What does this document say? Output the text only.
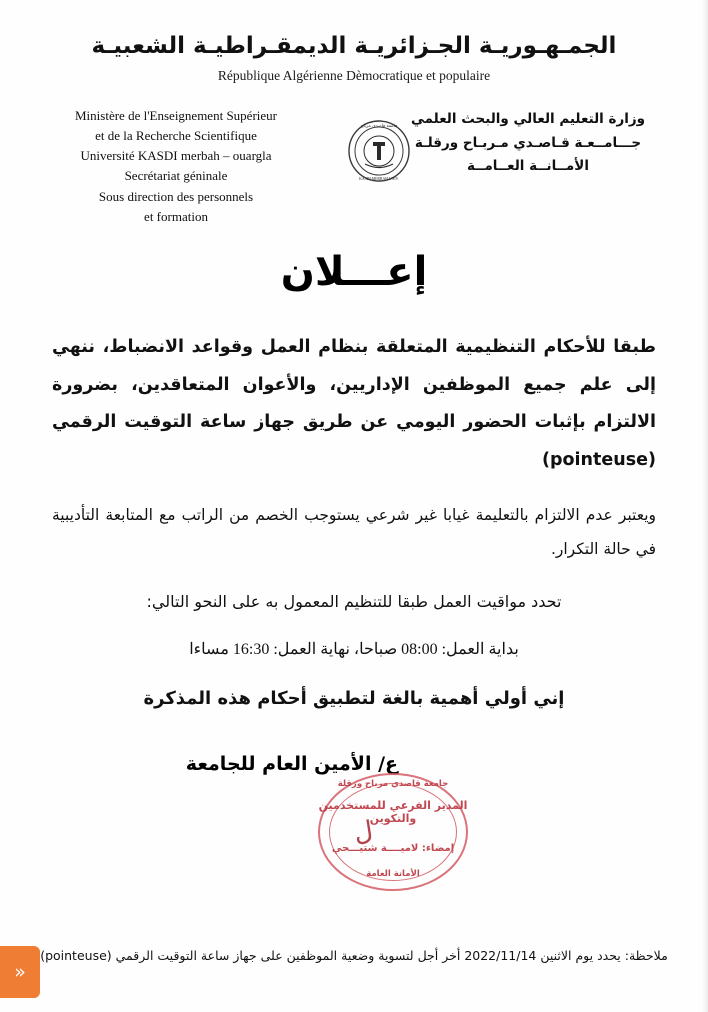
الجمـهـوريـة الجـزائريـة الديمقـراطيـة الشعبيـة
République Algérienne Dèmocratique et populaire
Ministère de l'Enseignement Supérieur
et de la Recherche Scientifique
Université KASDI merbah – ouargla
Secrétariat géninale
Sous direction des personnels
et formation
جامعة قاصدي مرباح
KASDI MERBAH UNIV.
وزارة التعليم العالي والبحث العلمي
جـــامــعـة قـاصـدي مـربـاح ورقلـة
الأمــانــة العــامــة
إعـــلان
طبقا للأحكام التنظيمية المتعلقة بنظام العمل وقواعد الانضباط، ننهي إلى علم جميع الموظفين الإداريين، والأعوان المتعاقدين، بضرورة الالتزام بإثبات الحضور اليومي عن طريق جهاز ساعة التوقيت الرقمي (pointeuse)
ويعتبر عدم الالتزام بالتعليمة غيابا غير شرعي يستوجب الخصم من الراتب مع المتابعة التأديبية في حالة التكرار.
تحدد مواقيت العمل طبقا للتنظيم المعمول به على النحو التالي:
بداية العمل: 08:00 صباحا، نهاية العمل: 16:30 مساءا
إني أولي أهمية بالغة لتطبيق أحكام هذه المذكرة
ع/ الأمين العام للجامعة
جامعة قاصدي مرباح ورقلة
المدير الفرعي للمستخدمين والتكوين
إمضاء: لاميــــة شتيـــحي
الأمانة العامة
ل
ملاحظة: يحدد يوم الاثنين 2022/11/14 أخر أجل لتسوية وضعية الموظفين على جهاز ساعة التوقيت الرقمي (pointeuse)
»
